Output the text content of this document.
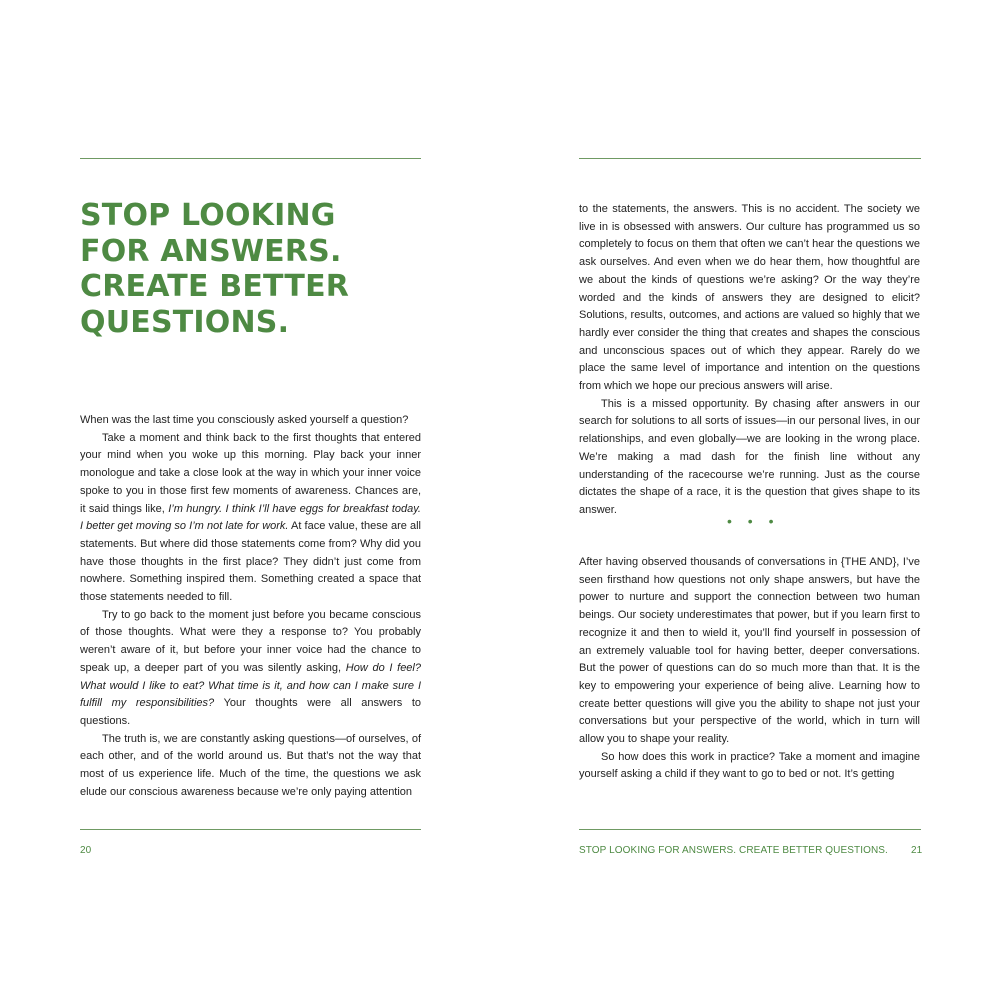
STOP LOOKING
FOR ANSWERS.
CREATE BETTER
QUESTIONS.

When was the last time you consciously asked yourself a question?

Take a moment and think back to the first thoughts that entered your mind when you woke up this morning. Play back your inner monologue and take a close look at the way in which your inner voice spoke to you in those first few moments of awareness. Chances are, it said things like, I’m hungry. I think I’ll have eggs for breakfast today. I better get moving so I’m not late for work. At face value, these are all statements. But where did those statements come from? Why did you have those thoughts in the first place? They didn’t just come from nowhere. Something inspired them. Something created a space that those statements needed to fill.

Try to go back to the moment just before you became conscious of those thoughts. What were they a response to? You probably weren’t aware of it, but before your inner voice had the chance to speak up, a deeper part of you was silently asking, How do I feel? What would I like to eat? What time is it, and how can I make sure I fulfill my responsibilities? Your thoughts were all answers to questions.

The truth is, we are constantly asking questions—of ourselves, of each other, and of the world around us. But that’s not the way that most of us experience life. Much of the time, the questions we ask elude our conscious awareness because we’re only paying attention

20

to the statements, the answers. This is no accident. The society we live in is obsessed with answers. Our culture has programmed us so completely to focus on them that often we can’t hear the questions we ask ourselves. And even when we do hear them, how thoughtful are we about the kinds of questions we’re asking? Or the way they’re worded and the kinds of answers they are designed to elicit? Solutions, results, outcomes, and actions are valued so highly that we hardly ever consider the thing that creates and shapes the conscious and unconscious spaces out of which they appear. Rarely do we place the same level of importance and intention on the questions from which we hope our precious answers will arise.

This is a missed opportunity. By chasing after answers in our search for solutions to all sorts of issues—in our personal lives, in our relationships, and even globally—we are looking in the wrong place. We’re making a mad dash for the finish line without any understanding of the racecourse we’re running. Just as the course dictates the shape of a race, it is the question that gives shape to its answer.

• • •

After having observed thousands of conversations in {THE AND}, I’ve seen firsthand how questions not only shape answers, but have the power to nurture and support the connection between two human beings. Our society underestimates that power, but if you learn first to recognize it and then to wield it, you’ll find yourself in possession of an extremely valuable tool for having better, deeper conversations. But the power of questions can do so much more than that. It is the key to empowering your experience of being alive. Learning how to create better questions will give you the ability to shape not just your conversations but your perspective of the world, which in turn will allow you to shape your reality.

So how does this work in practice? Take a moment and imagine yourself asking a child if they want to go to bed or not. It’s getting

STOP LOOKING FOR ANSWERS. CREATE BETTER QUESTIONS. 21
